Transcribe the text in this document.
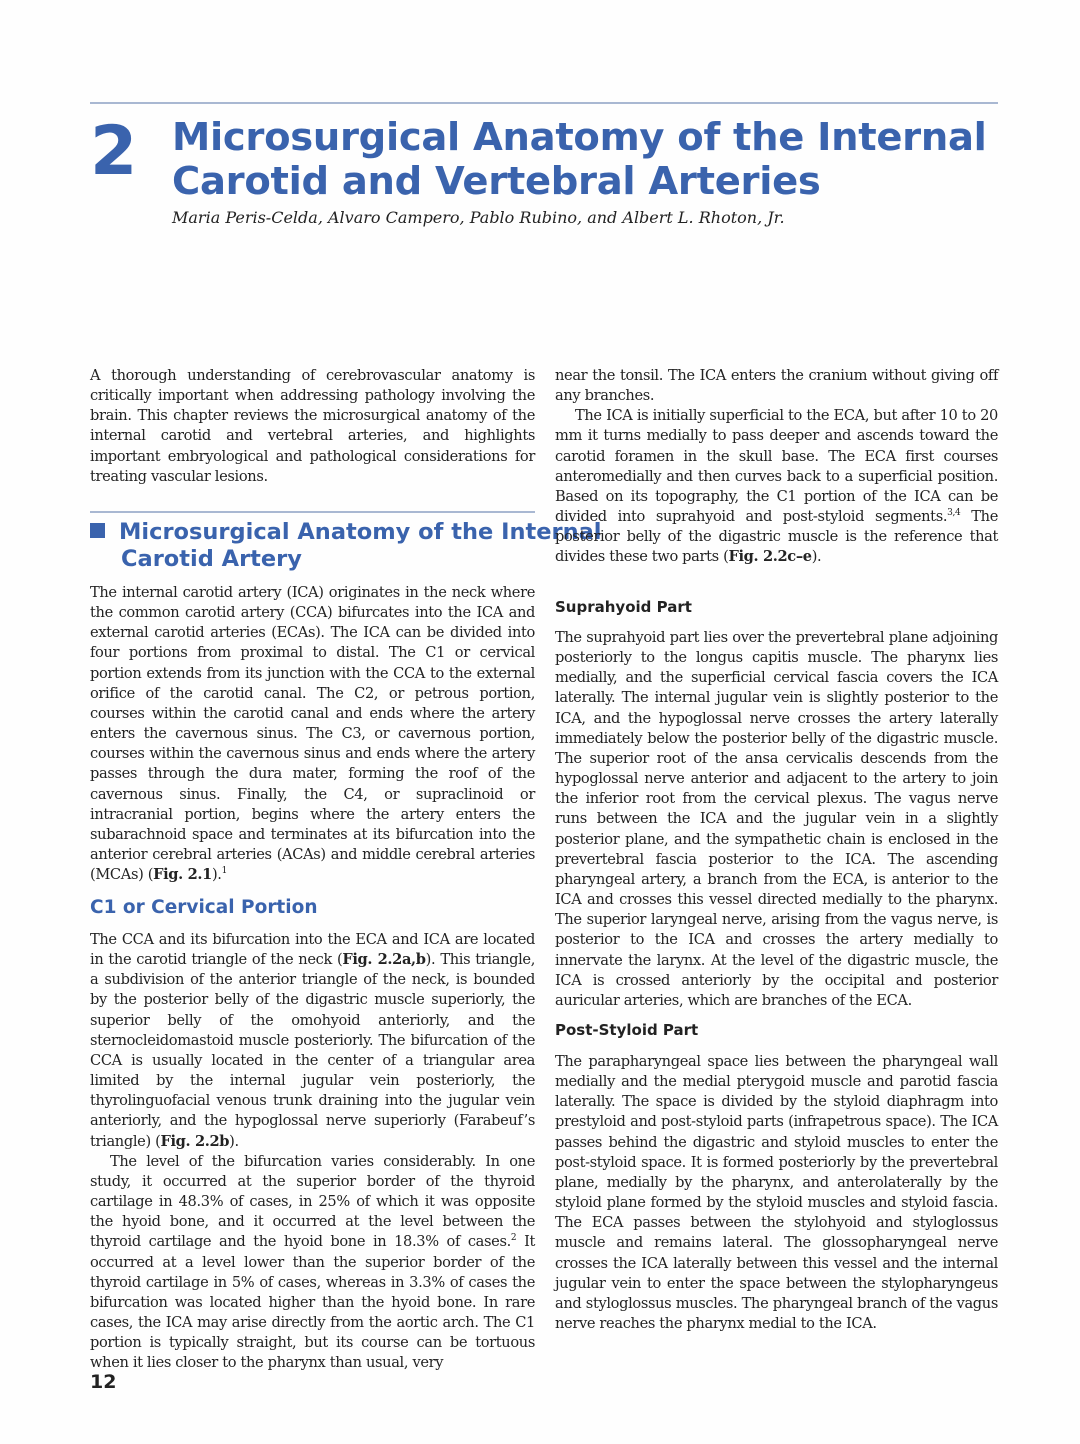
2 Microsurgical Anatomy of the Internal
Carotid and Vertebral Arteries
Maria Peris-Celda, Alvaro Campero, Pablo Rubino, and Albert L. Rhoton, Jr.

A thorough understanding of cerebrovascular anatomy is critically important when addressing pathology involving the brain. This chapter reviews the microsurgical anatomy of the internal carotid and vertebral arteries, and highlights important embryological and pathological considerations for treating vascular lesions.

Microsurgical Anatomy of the Internal
Carotid Artery

The internal carotid artery (ICA) originates in the neck where the common carotid artery (CCA) bifurcates into the ICA and external carotid arteries (ECAs). The ICA can be divided into four portions from proximal to distal. The C1 or cervical portion extends from its junction with the CCA to the external orifice of the carotid canal. The C2, or petrous portion, courses within the carotid canal and ends where the artery enters the cavernous sinus. The C3, or cavernous portion, courses within the cavernous sinus and ends where the artery passes through the dura mater, forming the roof of the cavernous sinus. Finally, the C4, or supraclinoid or intracranial portion, begins where the artery enters the subarachnoid space and terminates at its bifurcation into the anterior cerebral arteries (ACAs) and middle cerebral arteries (MCAs) (Fig. 2.1).$^1$

C1 or Cervical Portion

The CCA and its bifurcation into the ECA and ICA are located in the carotid triangle of the neck (Fig. 2.2a,b). This triangle, a subdivision of the anterior triangle of the neck, is bounded by the posterior belly of the digastric muscle superiorly, the superior belly of the omohyoid anteriorly, and the sternocleidomastoid muscle posteriorly. The bifurcation of the CCA is usually located in the center of a triangular area limited by the internal jugular vein posteriorly, the thyrolinguofacial venous trunk draining into the jugular vein anteriorly, and the hypoglossal nerve superiorly (Farabeuf’s triangle) (Fig. 2.2b).

The level of the bifurcation varies considerably. In one study, it occurred at the superior border of the thyroid cartilage in 48.3% of cases, in 25% of which it was opposite the hyoid bone, and it occurred at the level between the thyroid cartilage and the hyoid bone in 18.3% of cases.$^2$ It occurred at a level lower than the superior border of the thyroid cartilage in 5% of cases, whereas in 3.3% of cases the bifurcation was located higher than the hyoid bone. In rare cases, the ICA may arise directly from the aortic arch. The C1 portion is typically straight, but its course can be tortuous when it lies closer to the pharynx than usual, very

near the tonsil. The ICA enters the cranium without giving off any branches.

The ICA is initially superficial to the ECA, but after 10 to 20 mm it turns medially to pass deeper and ascends toward the carotid foramen in the skull base. The ECA first courses anteromedially and then curves back to a superficial position. Based on its topography, the C1 portion of the ICA can be divided into suprahyoid and post-styloid segments.$^{3,4}$ The posterior belly of the digastric muscle is the reference that divides these two parts (Fig. 2.2c–e).

Suprahyoid Part

The suprahyoid part lies over the prevertebral plane adjoining posteriorly to the longus capitis muscle. The pharynx lies medially, and the superficial cervical fascia covers the ICA laterally. The internal jugular vein is slightly posterior to the ICA, and the hypoglossal nerve crosses the artery laterally immediately below the posterior belly of the digastric muscle. The superior root of the ansa cervicalis descends from the hypoglossal nerve anterior and adjacent to the artery to join the inferior root from the cervical plexus. The vagus nerve runs between the ICA and the jugular vein in a slightly posterior plane, and the sympathetic chain is enclosed in the prevertebral fascia posterior to the ICA. The ascending pharyngeal artery, a branch from the ECA, is anterior to the ICA and crosses this vessel directed medially to the pharynx. The superior laryngeal nerve, arising from the vagus nerve, is posterior to the ICA and crosses the artery medially to innervate the larynx. At the level of the digastric muscle, the ICA is crossed anteriorly by the occipital and posterior auricular arteries, which are branches of the ECA.

Post-Styloid Part

The parapharyngeal space lies between the pharyngeal wall medially and the medial pterygoid muscle and parotid fascia laterally. The space is divided by the styloid diaphragm into prestyloid and post-styloid parts (infrapetrous space). The ICA passes behind the digastric and styloid muscles to enter the post-styloid space. It is formed posteriorly by the prevertebral plane, medially by the pharynx, and anterolaterally by the styloid plane formed by the styloid muscles and styloid fascia. The ECA passes between the stylohyoid and styloglossus muscle and remains lateral. The glossopharyngeal nerve crosses the ICA laterally between this vessel and the internal jugular vein to enter the space between the stylopharyngeus and styloglossus muscles. The pharyngeal branch of the vagus nerve reaches the pharynx medial to the ICA.

12
